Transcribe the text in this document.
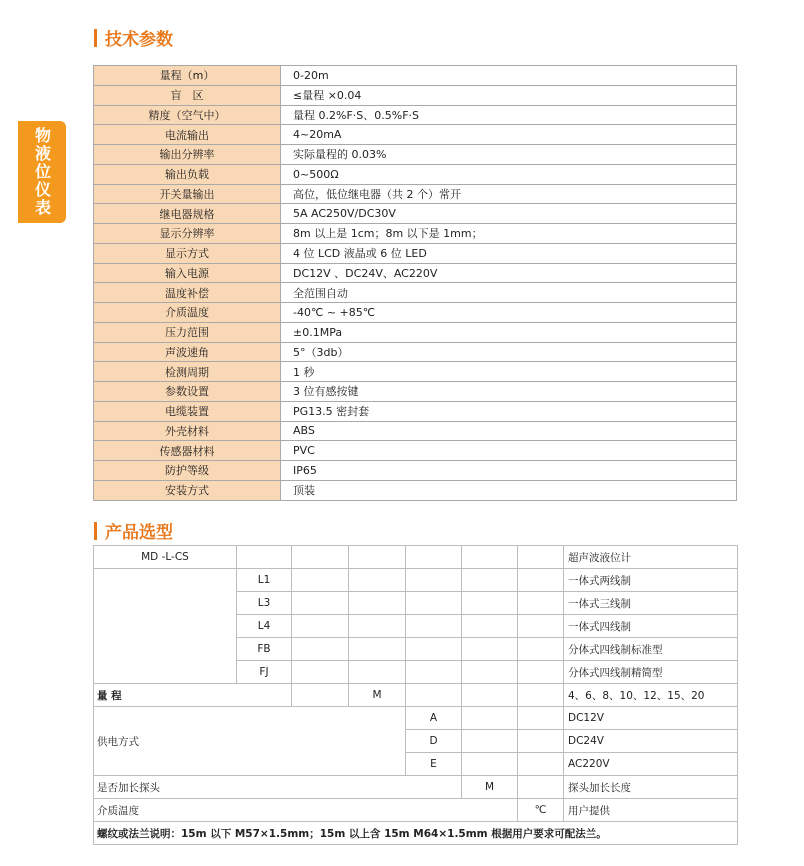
物液位仪表
技术参数
量程（m）	0-20m
盲　区	≤量程 ×0.04
精度（空气中）	量程 0.2%F·S、0.5%F·S
电流输出	4~20mA
输出分辨率	实际量程的 0.03%
输出负载	0~500Ω
开关量输出	高位，低位继电器（共 2 个）常开
继电器规格	5A AC250V/DC30V
显示分辨率	8m 以上是 1cm；8m 以下是 1mm；
显示方式	4 位 LCD 液晶或 6 位 LED
输入电源	DC12V 、DC24V、AC220V
温度补偿	全范围自动
介质温度	-40℃ ~ +85℃
压力范围	±0.1MPa
声波速角	5°（3db）
检测周期	1 秒
参数设置	3 位有感按键
电缆装置	PG13.5 密封套
外壳材料	ABS
传感器材料	PVC
防护等级	IP65
安装方式	顶装
产品选型
MD -L-CS							超声波液位计
	L1						一体式两线制
	L3						一体式三线制
	L4						一体式四线制
	FB						分体式四线制标准型
	FJ						分体式四线制精简型
量 程			M				4、6、8、10、12、15、20
供电方式				A			DC12V
				D			DC24V
				E			AC220V
是否加长探头					M		探头加长长度
介质温度						℃	用户提供
螺纹或法兰说明：15m 以下 M57×1.5mm；15m 以上含 15m M64×1.5mm 根据用户要求可配法兰。							
